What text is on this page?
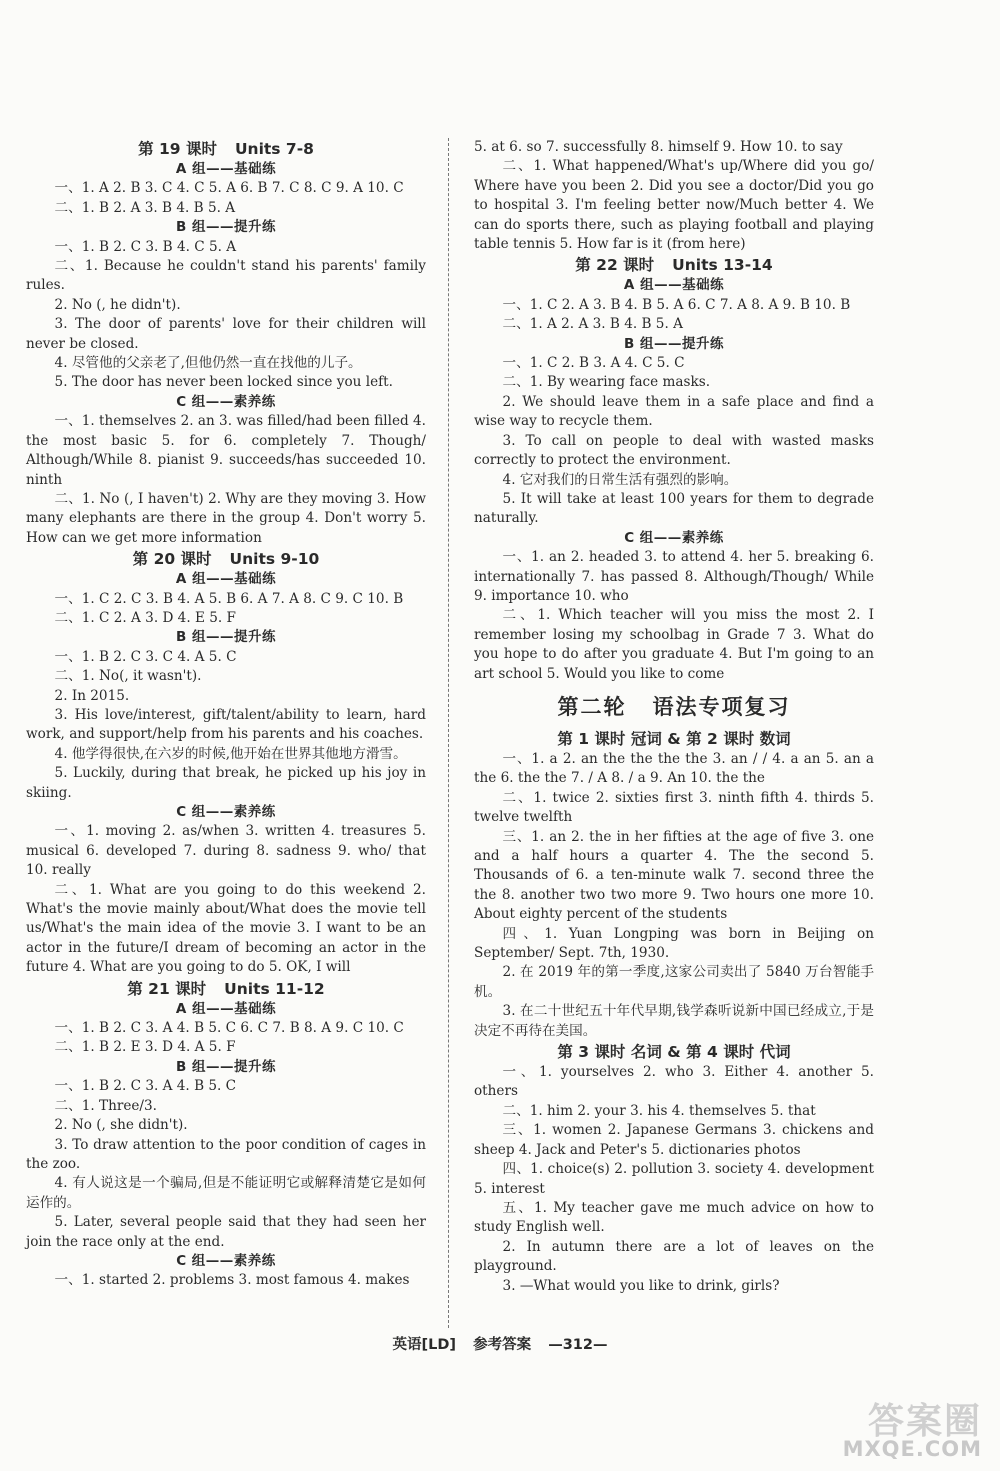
第 19 课时 Units 7-8

A 组——基础练

一、1. A 2. B 3. C 4. C 5. A 6. B 7. C 8. C 9. A 10. C

二、1. B 2. A 3. B 4. B 5. A

B 组——提升练

一、1. B 2. C 3. B 4. C 5. A

二、1. Because he couldn't stand his parents' family rules.

2. No (, he didn't).

3. The door of parents' love for their children will never be closed.

4. 尽管他的父亲老了,但他仍然一直在找他的儿子。

5. The door has never been locked since you left.

C 组——素养练

一、1. themselves 2. an 3. was filled/had been filled 4. the most basic 5. for 6. completely 7. Though/ Although/While 8. pianist 9. succeeds/has succeeded 10. ninth

二、1. No (, I haven't) 2. Why are they moving 3. How many elephants are there in the group 4. Don't worry 5. How can we get more information

第 20 课时 Units 9-10

A 组——基础练

一、1. C 2. C 3. B 4. A 5. B 6. A 7. A 8. C 9. C 10. B

二、1. C 2. A 3. D 4. E 5. F

B 组——提升练

一、1. B 2. C 3. C 4. A 5. C

二、1. No(, it wasn't).

2. In 2015.

3. His love/interest, gift/talent/ability to learn, hard work, and support/help from his parents and his coaches.

4. 他学得很快,在六岁的时候,他开始在世界其他地方滑雪。

5. Luckily, during that break, he picked up his joy in skiing.

C 组——素养练

一、1. moving 2. as/when 3. written 4. treasures 5. musical 6. developed 7. during 8. sadness 9. who/ that 10. really

二、1. What are you going to do this weekend 2. What's the movie mainly about/What does the movie tell us/What's the main idea of the movie 3. I want to be an actor in the future/I dream of becoming an actor in the future 4. What are you going to do 5. OK, I will

第 21 课时 Units 11-12

A 组——基础练

一、1. B 2. C 3. A 4. B 5. C 6. C 7. B 8. A 9. C 10. C

二、1. B 2. E 3. D 4. A 5. F

B 组——提升练

一、1. B 2. C 3. A 4. B 5. C

二、1. Three/3.

2. No (, she didn't).

3. To draw attention to the poor condition of cages in the zoo.

4. 有人说这是一个骗局,但是不能证明它或解释清楚它是如何运作的。

5. Later, several people said that they had seen her join the race only at the end.

C 组——素养练

一、1. started 2. problems 3. most famous 4. makes

5. at 6. so 7. successfully 8. himself 9. How 10. to say

二、1. What happened/What's up/Where did you go/ Where have you been 2. Did you see a doctor/Did you go to hospital 3. I'm feeling better now/Much better 4. We can do sports there, such as playing football and playing table tennis 5. How far is it (from here)

第 22 课时 Units 13-14

A 组——基础练

一、1. C 2. A 3. B 4. B 5. A 6. C 7. A 8. A 9. B 10. B

二、1. A 2. A 3. B 4. B 5. A

B 组——提升练

一、1. C 2. B 3. A 4. C 5. C

二、1. By wearing face masks.

2. We should leave them in a safe place and find a wise way to recycle them.

3. To call on people to deal with wasted masks correctly to protect the environment.

4. 它对我们的日常生活有强烈的影响。

5. It will take at least 100 years for them to degrade naturally.

C 组——素养练

一、1. an 2. headed 3. to attend 4. her 5. breaking 6. internationally 7. has passed 8. Although/Though/ While 9. importance 10. who

二、1. Which teacher will you miss the most 2. I remember losing my schoolbag in Grade 7 3. What do you hope to do after you graduate 4. But I'm going to an art school 5. Would you like to come

第二轮 语法专项复习

第 1 课时 冠词 & 第 2 课时 数词

一、1. a 2. an the the the the 3. an / / 4. a an 5. an a the 6. the the 7. / A 8. / a 9. An 10. the the

二、1. twice 2. sixties first 3. ninth fifth 4. thirds 5. twelve twelfth

三、1. an 2. the in her fifties at the age of five 3. one and a half hours a quarter 4. The the second 5. Thousands of 6. a ten-minute walk 7. second three the the 8. another two two more 9. Two hours one more 10. About eighty percent of the students

四、1. Yuan Longping was born in Beijing on September/ Sept. 7th, 1930.

2. 在 2019 年的第一季度,这家公司卖出了 5840 万台智能手机。

3. 在二十世纪五十年代早期,钱学森听说新中国已经成立,于是决定不再待在美国。

第 3 课时 名词 & 第 4 课时 代词

一、1. yourselves 2. who 3. Either 4. another 5. others

二、1. him 2. your 3. his 4. themselves 5. that

三、1. women 2. Japanese Germans 3. chickens and sheep 4. Jack and Peter's 5. dictionaries photos

四、1. choice(s) 2. pollution 3. society 4. development 5. interest

五、1. My teacher gave me much advice on how to study English well.

2. In autumn there are a lot of leaves on the playground.

3. —What would you like to drink, girls?

英语[LD] 参考答案 —312—
答案圈
MXQE.COM
